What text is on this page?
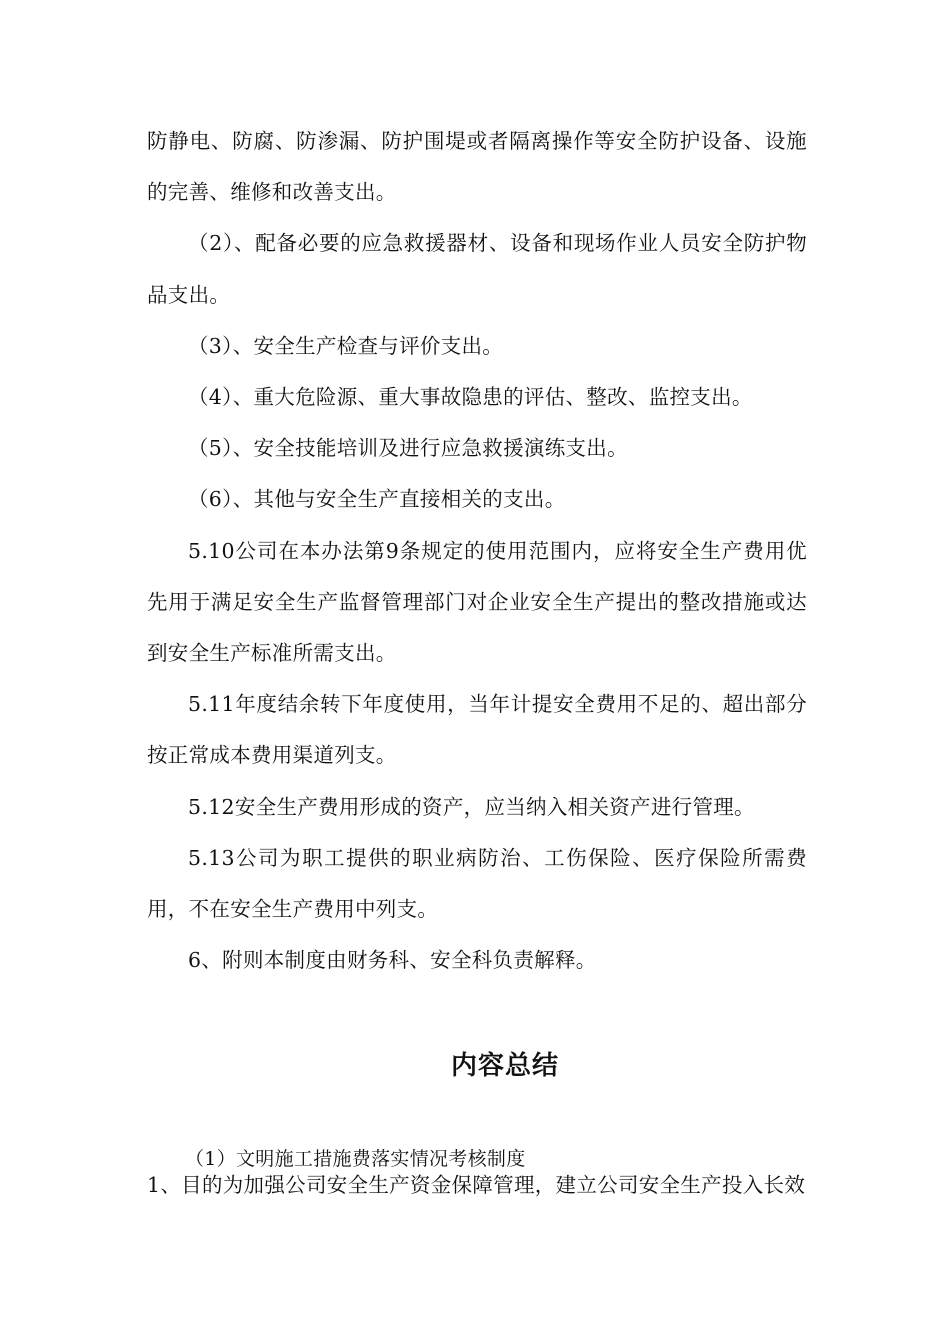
防静电、防腐、防渗漏、防护围堤或者隔离操作等安全防护设备、设施的完善、维修和改善支出。

（2）、配备必要的应急救援器材、设备和现场作业人员安全防护物品支出。

（3）、安全生产检查与评价支出。

（4）、重大危险源、重大事故隐患的评估、整改、监控支出。

（5）、安全技能培训及进行应急救援演练支出。

（6）、其他与安全生产直接相关的支出。

5.10公司在本办法第9条规定的使用范围内，应将安全生产费用优先用于满足安全生产监督管理部门对企业安全生产提出的整改措施或达到安全生产标准所需支出。

5.11年度结余转下年度使用，当年计提安全费用不足的、超出部分按正常成本费用渠道列支。

5.12安全生产费用形成的资产，应当纳入相关资产进行管理。

5.13公司为职工提供的职业病防治、工伤保险、医疗保险所需费用，不在安全生产费用中列支。

6、附则本制度由财务科、安全科负责解释。

内容总结

（1）文明施工措施费落实情况考核制度

1、目的为加强公司安全生产资金保障管理，建立公司安全生产投入长效
